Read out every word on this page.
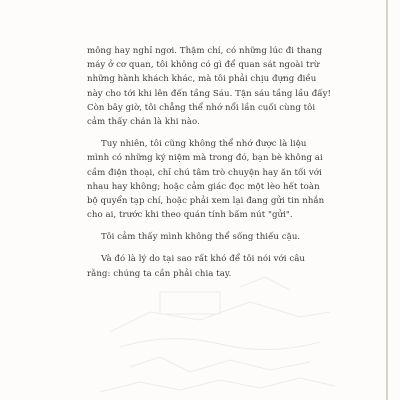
mông hay nghỉ ngơi. Thậm chí, có những lúc đi thang
máy ở cơ quan, tôi không có gì để quan sát ngoài trừ
những hành khách khác, mà tôi phải chịu đựng điều
này cho tới khi lên đến tầng Sáu. Tận sáu tầng lầu đấy!
Còn bây giờ, tôi chẳng thể nhớ nổi lần cuối cùng tôi
cảm thấy chán là khi nào.
Tuy nhiên, tôi cũng không thể nhớ được là liệu
mình có những ký niệm mà trong đó, bạn bè không ai
cầm điện thoại, chỉ chú tâm trò chuyện hay ăn tối với
nhau hay không; hoặc cảm giác đọc một lèo hết toàn
bộ quyển tạp chí, hoặc phải xem lại đang gửi tin nhắn
cho ai, trước khi theo quán tính bấm nút "gửi".
Tôi cảm thấy mình không thể sống thiếu cậu.
Và đó là lý do tại sao rất khó để tôi nói với câu
rằng: chúng ta cần phải chia tay.
